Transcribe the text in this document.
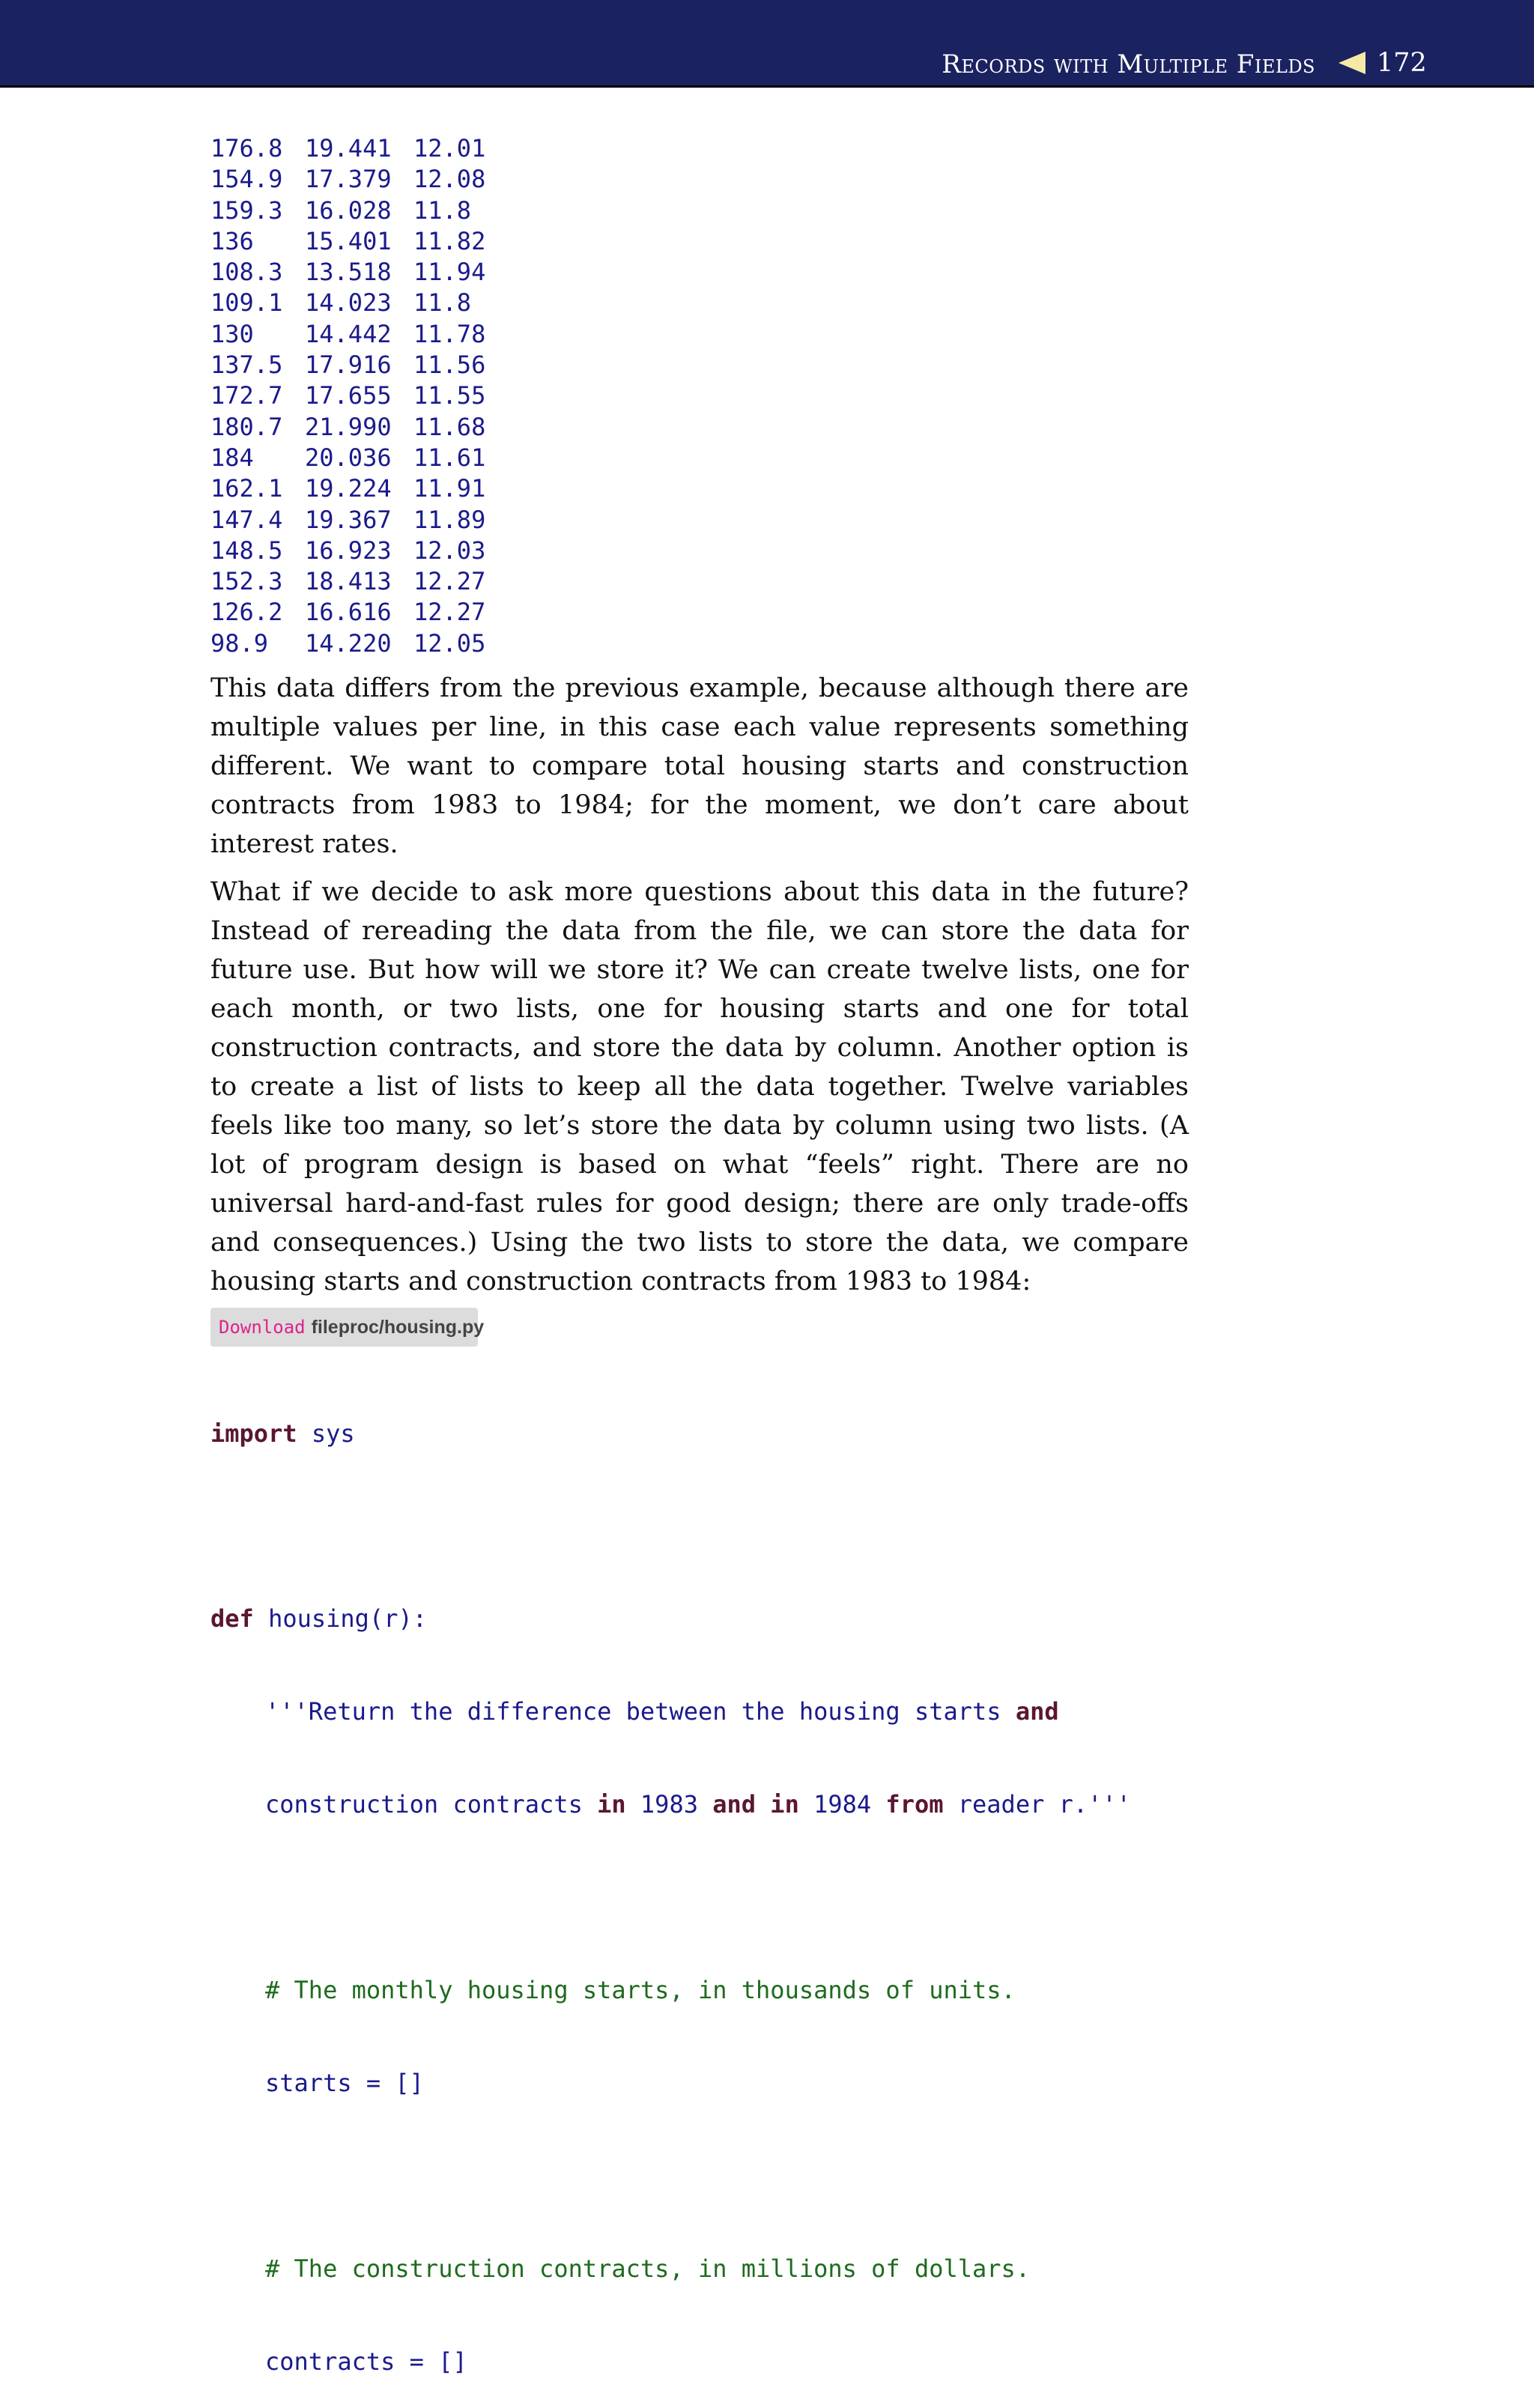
Records with Multiple Fields 172
176.8 19.441 12.01
154.9 17.379 12.08
159.3 16.028 11.8
136 15.401 11.82
108.3 13.518 11.94
109.1 14.023 11.8
130 14.442 11.78
137.5 17.916 11.56
172.7 17.655 11.55
180.7 21.990 11.68
184 20.036 11.61
162.1 19.224 11.91
147.4 19.367 11.89
148.5 16.923 12.03
152.3 18.413 12.27
126.2 16.616 12.27
98.9 14.220 12.05

This data differs from the previous example, because although there are multiple values per line, in this case each value represents something different. We want to compare total housing starts and construction contracts from 1983 to 1984; for the moment, we don’t care about interest rates.

What if we decide to ask more questions about this data in the future? Instead of rereading the data from the file, we can store the data for future use. But how will we store it? We can create twelve lists, one for each month, or two lists, one for housing starts and one for total construction contracts, and store the data by column. Another option is to create a list of lists to keep all the data together. Twelve variables feels like too many, so let’s store the data by column using two lists. (A lot of program design is based on what “feels” right. There are no universal hard-and-fast rules for good design; there are only trade-offs and consequences.) Using the two lists to store the data, we compare housing starts and construction contracts from 1983 to 1984:

Download fileproc/housing.py

import sys

def housing(r):

'''Return the difference between the housing starts and

construction contracts in 1983 and in 1984 from reader r.'''

# The monthly housing starts, in thousands of units.

starts = []

# The construction contracts, in millions of dollars.

contracts = []
